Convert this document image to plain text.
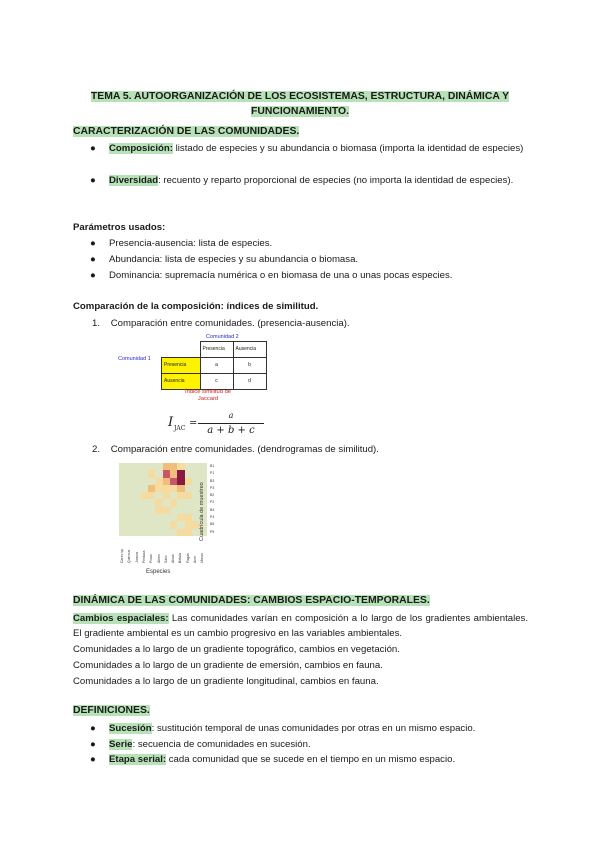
TEMA 5. AUTOORGANIZACIÓN DE LOS ECOSISTEMAS, ESTRUCTURA, DINÁMICA Y
FUNCIONAMIENTO.
CARACTERIZACIÓN DE LAS COMUNIDADES.
●	Composición: listado de especies y su abundancia o biomasa (importa la identidad de especies)
●	Diversidad: recuento y reparto proporcional de especies (no importa la identidad de especies).
Parámetros usados:
●	Presencia-ausencia: lista de especies.
●	Abundancia: lista de especies y su abundancia o biomasa.
●	Dominancia: supremacía numérica o en biomasa de una o unas pocas especies.
Comparación de la composición: índices de similitud.
1. Comparación entre comunidades. (presencia-ausencia).
Comunidad 2
Comunidad 1
	Presencia	Ausencia
Presencia	a	b
Ausencia	c	d
Índice similitud de
Jaccard
I JAC =
a
a + b + c
2. Comparación entre comunidades. (dendrogramas de similitud).

B1
P1
B3
P3
B2
P2
B4
P4
B5
P5
Cuadrícula de muestreo
Carex sp. Quercus Juncus Festuca Pinus Abies Salix Alnus Betula Fagus Acer Ulmus
Especies
DINÁMICA DE LAS COMUNIDADES: CAMBIOS ESPACIO-TEMPORALES.
Cambios espaciales: Las comunidades varían en composición a lo largo de los gradientes ambientales. El gradiente ambiental es un cambio progresivo en las variables ambientales.
Comunidades a lo largo de un gradiente topográfico, cambios en vegetación.
Comunidades a lo largo de un gradiente de emersión, cambios en fauna.
Comunidades a lo largo de un gradiente longitudinal, cambios en fauna.
DEFINICIONES.
●	Sucesión: sustitución temporal de unas comunidades por otras en un mismo espacio.
●	Serie: secuencia de comunidades en sucesión.
●	Etapa serial: cada comunidad que se sucede en el tiempo en un mismo espacio.
